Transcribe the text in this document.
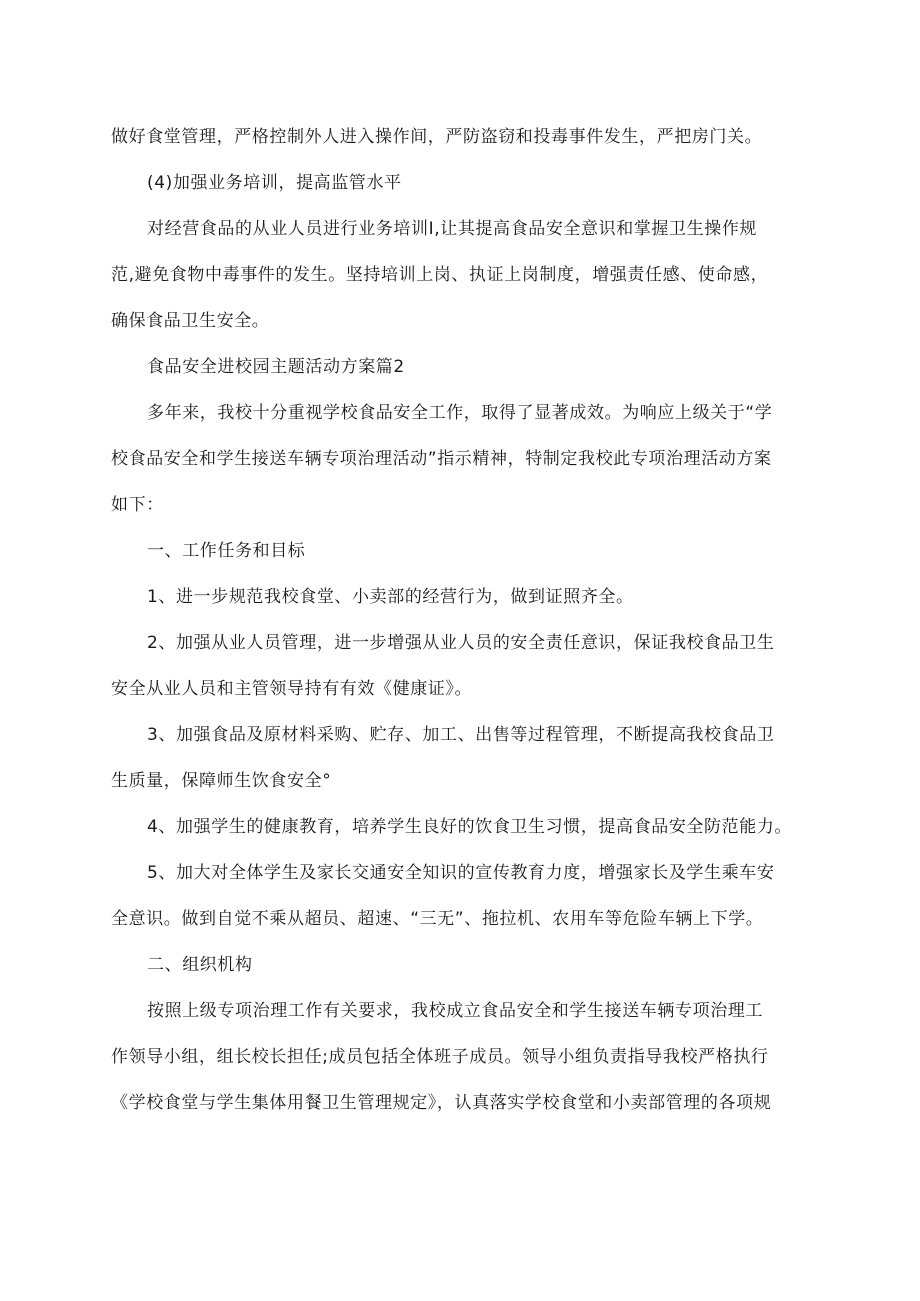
做好食堂管理，严格控制外人进入操作间，严防盗窃和投毒事件发生，严把房门关。
(4)加强业务培训，提高监管水平
对经营食品的从业人员进行业务培训I,让其提高食品安全意识和掌握卫生操作规
范,避免食物中毒事件的发生。坚持培训上岗、执证上岗制度，增强责任感、使命感，
确保食品卫生安全。
食品安全进校园主题活动方案篇2
多年来，我校十分重视学校食品安全工作，取得了显著成效。为响应上级关于“学
校食品安全和学生接送车辆专项治理活动”指示精神，特制定我校此专项治理活动方案
如下：
一、工作任务和目标
1、进一步规范我校食堂、小卖部的经营行为，做到证照齐全。
2、加强从业人员管理，进一步增强从业人员的安全责任意识，保证我校食品卫生
安全从业人员和主管领导持有有效《健康证》。
3、加强食品及原材料采购、贮存、加工、出售等过程管理，不断提高我校食品卫
生质量，保障师生饮食安全°
4、加强学生的健康教育，培养学生良好的饮食卫生习惯，提高食品安全防范能力。
5、加大对全体学生及家长交通安全知识的宣传教育力度，增强家长及学生乘车安
全意识。做到自觉不乘从超员、超速、“三无”、拖拉机、农用车等危险车辆上下学。
二、组织机构
按照上级专项治理工作有关要求，我校成立食品安全和学生接送车辆专项治理工
作领导小组，组长校长担任;成员包括全体班子成员。领导小组负责指导我校严格执行
《学校食堂与学生集体用餐卫生管理规定》，认真落实学校食堂和小卖部管理的各项规
